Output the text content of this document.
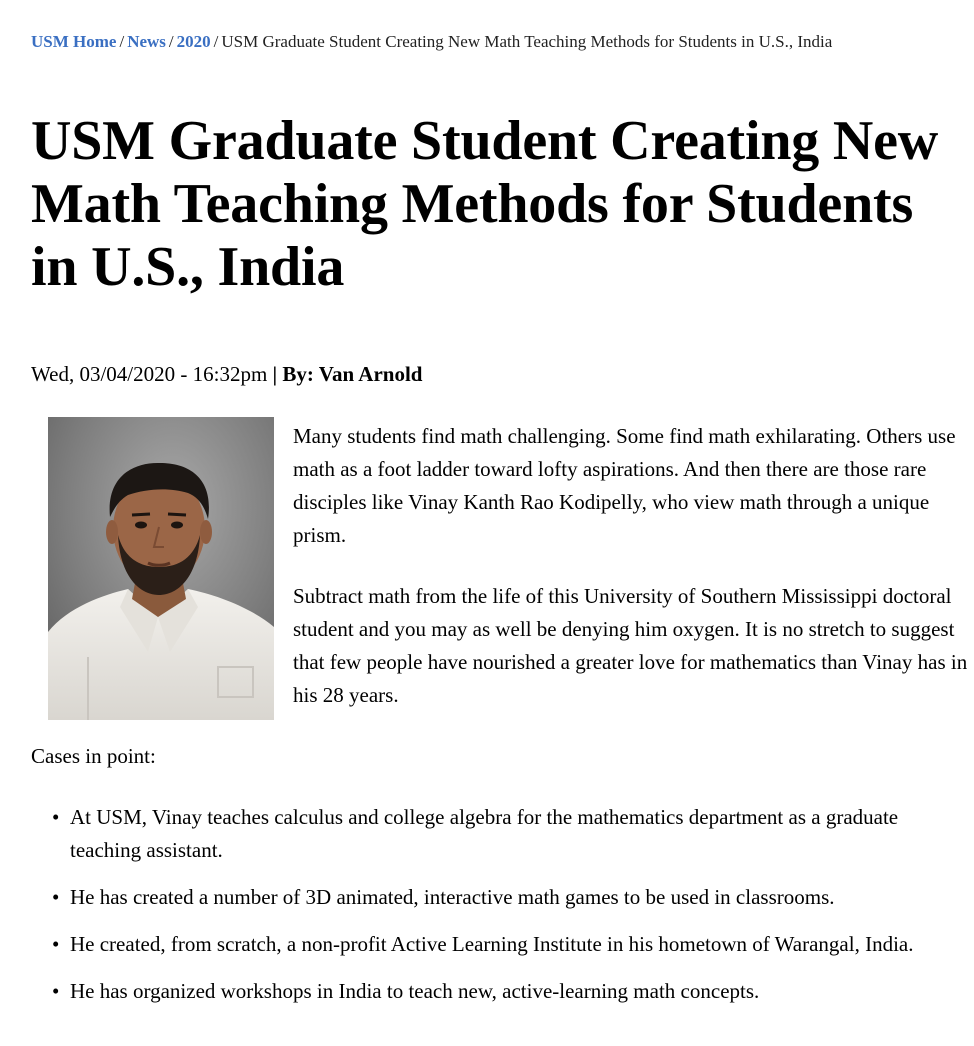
USM Home / News / 2020 / USM Graduate Student Creating New Math Teaching Methods for Students in U.S., India
USM Graduate Student Creating New Math Teaching Methods for Students in U.S., India
Wed, 03/04/2020 - 16:32pm | By: Van Arnold

Many students find math challenging. Some find math exhilarating. Others use math as a foot ladder toward lofty aspirations. And then there are those rare disciples like Vinay Kanth Rao Kodipelly, who view math through a unique prism.

Subtract math from the life of this University of Southern Mississippi doctoral student and you may as well be denying him oxygen. It is no stretch to suggest that few people have nourished a greater love for mathematics than Vinay has in his 28 years.

Cases in point:

• At USM, Vinay teaches calculus and college algebra for the mathematics department as a graduate teaching assistant.
• He has created a number of 3D animated, interactive math games to be used in classrooms.
• He created, from scratch, a non-profit Active Learning Institute in his hometown of Warangal, India.
• He has organized workshops in India to teach new, active-learning math concepts.
